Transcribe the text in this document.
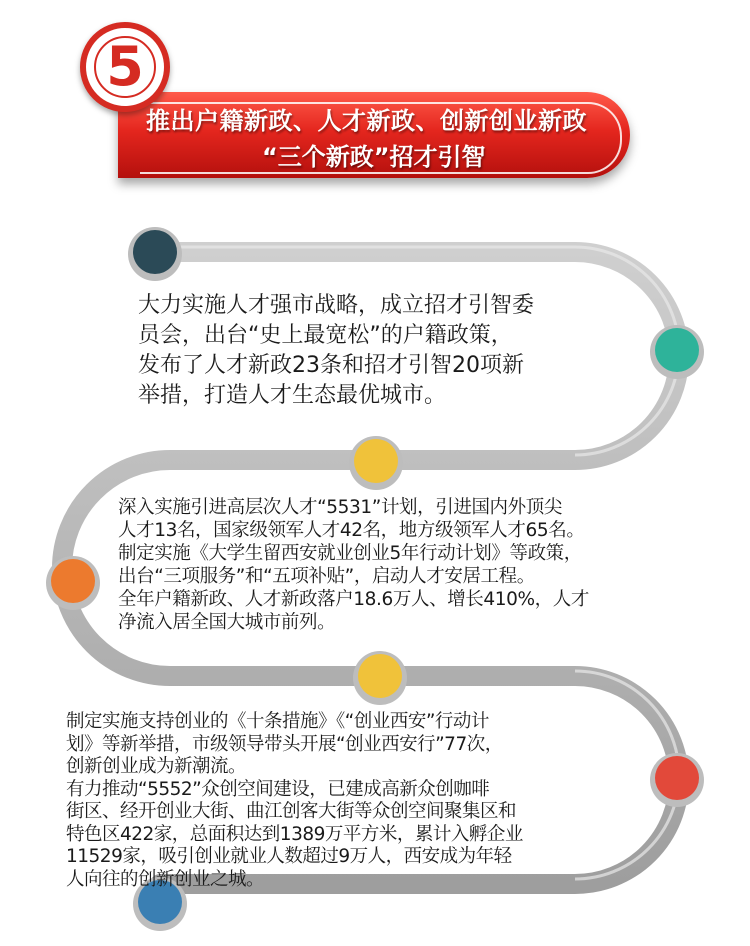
推出户籍新政、人才新政、创新创业新政
“三个新政”招才引智
5
大力实施人才强市战略，成立招才引智委
员会，出台“史上最宽松”的户籍政策，
发布了人才新政23条和招才引智20项新
举措，打造人才生态最优城市。
深入实施引进高层次人才“5531”计划，引进国内外顶尖
人才13名，国家级领军人才42名，地方级领军人才65名。
制定实施《大学生留西安就业创业5年行动计划》等政策，
出台“三项服务”和“五项补贴”，启动人才安居工程。
全年户籍新政、人才新政落户18.6万人、增长410%，人才
净流入居全国大城市前列。
制定实施支持创业的《十条措施》《“创业西安”行动计
划》等新举措，市级领导带头开展“创业西安行”77次，
创新创业成为新潮流。
有力推动“5552”众创空间建设，已建成高新众创咖啡
街区、经开创业大街、曲江创客大街等众创空间聚集区和
特色区422家，总面积达到1389万平方米，累计入孵企业
11529家，吸引创业就业人数超过9万人，西安成为年轻
人向往的创新创业之城。
